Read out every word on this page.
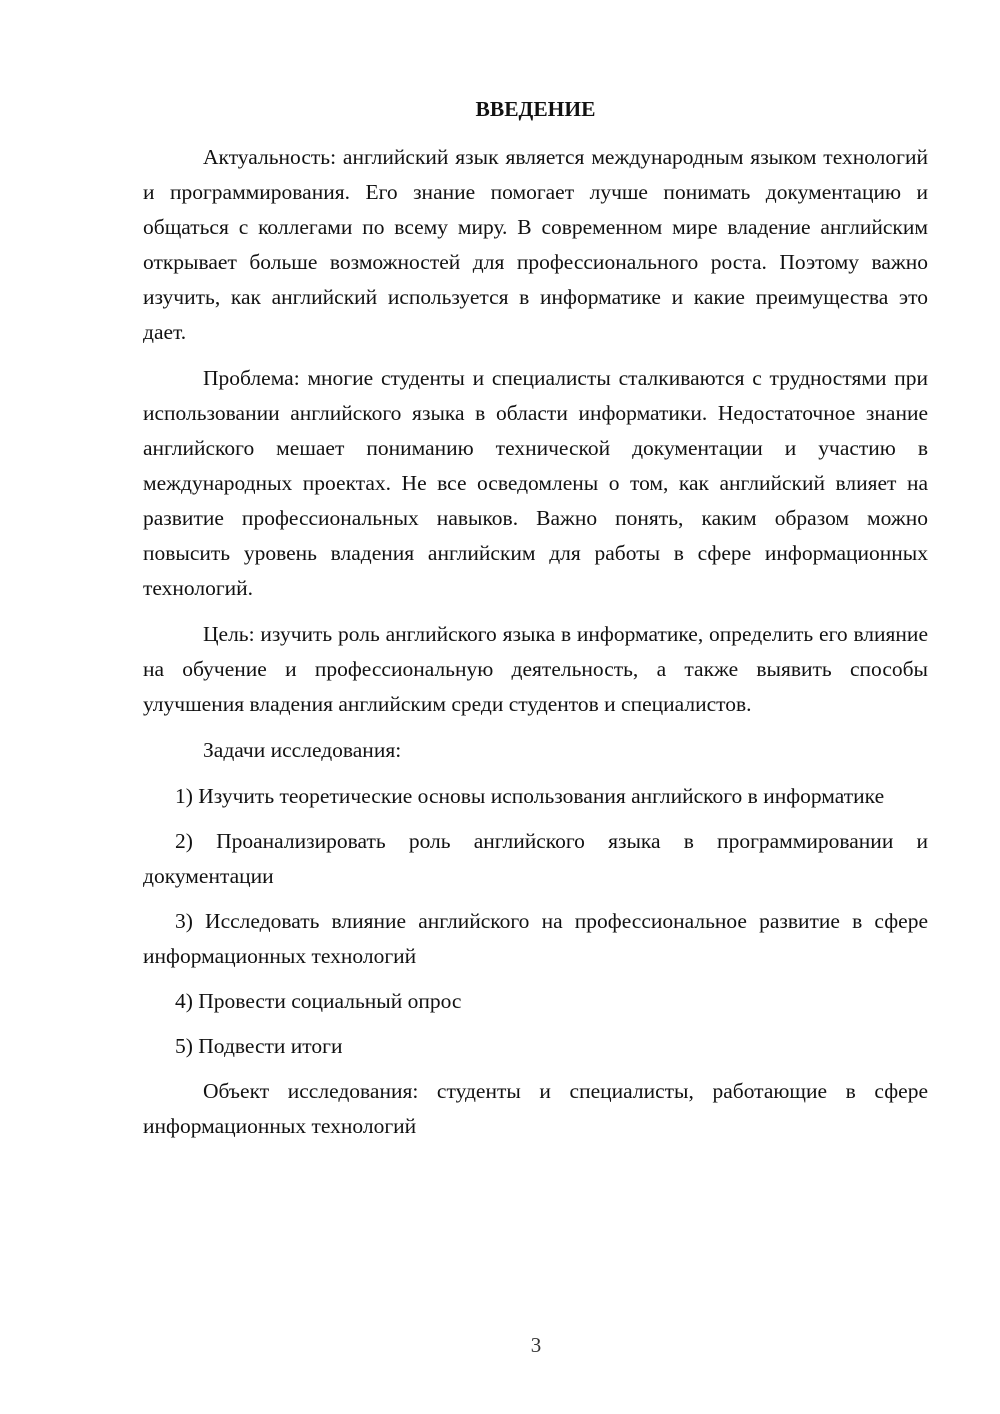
ВВЕДЕНИЕ

Актуальность: английский язык является международным языком технологий и программирования. Его знание помогает лучше понимать документацию и общаться с коллегами по всему миру. В современном мире владение английским открывает больше возможностей для профессионального роста. Поэтому важно изучить, как английский используется в информатике и какие преимущества это дает.

Проблема: многие студенты и специалисты сталкиваются с трудностями при использовании английского языка в области информатики. Недостаточное знание английского мешает пониманию технической документации и участию в международных проектах. Не все осведомлены о том, как английский влияет на развитие профессиональных навыков. Важно понять, каким образом можно повысить уровень владения английским для работы в сфере информационных технологий.

Цель: изучить роль английского языка в информатике, определить его влияние на обучение и профессиональную деятельность, а также выявить способы улучшения владения английским среди студентов и специалистов.

Задачи исследования:

1) Изучить теоретические основы использования английского в информатике

2) Проанализировать роль английского языка в программировании и документации

3) Исследовать влияние английского на профессиональное развитие в сфере информационных технологий

4) Провести социальный опрос

5) Подвести итоги

Объект исследования: студенты и специалисты, работающие в сфере информационных технологий

3
